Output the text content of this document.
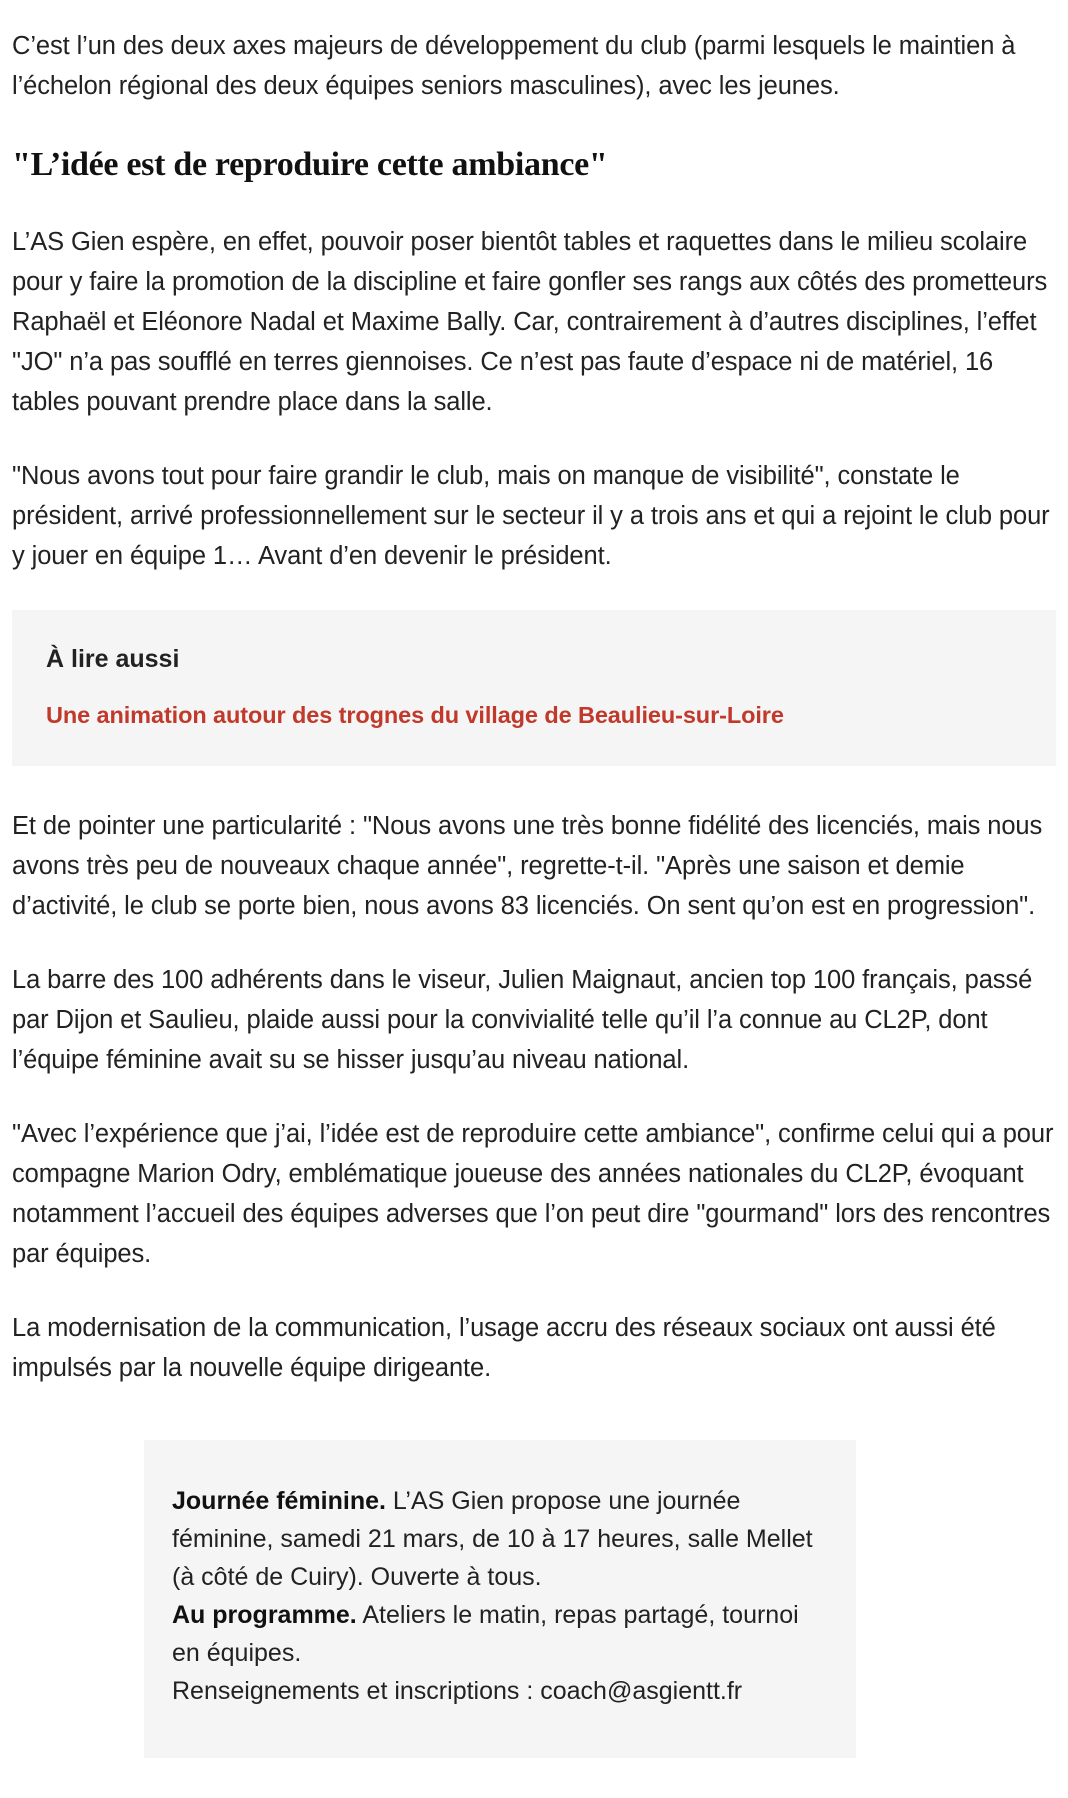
C’est l’un des deux axes majeurs de développement du club (parmi lesquels le maintien à l’échelon régional des deux équipes seniors masculines), avec les jeunes.

"L’idée est de reproduire cette ambiance"

L’AS Gien espère, en effet, pouvoir poser bientôt tables et raquettes dans le milieu scolaire pour y faire la promotion de la discipline et faire gonfler ses rangs aux côtés des prometteurs Raphaël et Eléonore Nadal et Maxime Bally. Car, contrairement à d’autres disciplines, l’effet "JO" n’a pas soufflé en terres giennoises. Ce n’est pas faute d’espace ni de matériel, 16 tables pouvant prendre place dans la salle.

"Nous avons tout pour faire grandir le club, mais on manque de visibilité", constate le président, arrivé professionnellement sur le secteur il y a trois ans et qui a rejoint le club pour y jouer en équipe 1… Avant d’en devenir le président.

À lire aussi
Une animation autour des trognes du village de Beaulieu-sur-Loire

Et de pointer une particularité : "Nous avons une très bonne fidélité des licenciés, mais nous avons très peu de nouveaux chaque année", regrette-t-il. "Après une saison et demie d’activité, le club se porte bien, nous avons 83 licenciés. On sent qu’on est en progression".

La barre des 100 adhérents dans le viseur, Julien Maignaut, ancien top 100 français, passé par Dijon et Saulieu, plaide aussi pour la convivialité telle qu’il l’a connue au CL2P, dont l’équipe féminine avait su se hisser jusqu’au niveau national.

"Avec l’expérience que j’ai, l’idée est de reproduire cette ambiance", confirme celui qui a pour compagne Marion Odry, emblématique joueuse des années nationales du CL2P, évoquant notamment l’accueil des équipes adverses que l’on peut dire "gourmand" lors des rencontres par équipes.

La modernisation de la communication, l’usage accru des réseaux sociaux ont aussi été impulsés par la nouvelle équipe dirigeante.

Journée féminine. L’AS Gien propose une journée féminine, samedi 21 mars, de 10 à 17 heures, salle Mellet (à côté de Cuiry). Ouverte à tous.

Au programme. Ateliers le matin, repas partagé, tournoi en équipes.

Renseignements et inscriptions : coach@asgientt.fr
